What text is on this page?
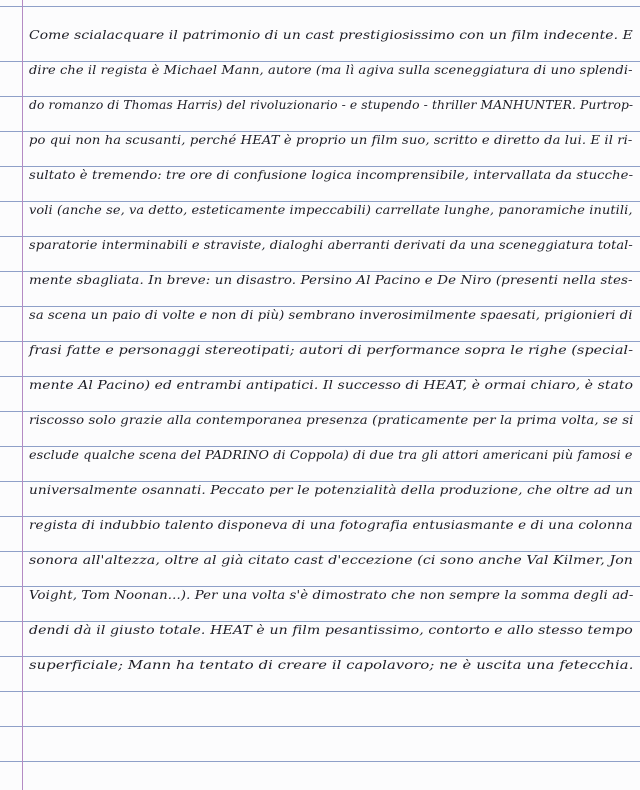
Come scialacquare il patrimonio di un cast prestigiosissimo con un film indecente. E
dire che il regista è Michael Mann, autore (ma lì agiva sulla sceneggiatura di uno splendi-
do romanzo di Thomas Harris) del rivoluzionario - e stupendo - thriller MANHUNTER. Purtrop-
po qui non ha scusanti, perché HEAT è proprio un film suo, scritto e diretto da lui. E il ri-
sultato è tremendo: tre ore di confusione logica incomprensibile, intervallata da stucche-
voli (anche se, va detto, esteticamente impeccabili) carrellate lunghe, panoramiche inutili,
sparatorie interminabili e straviste, dialoghi aberranti derivati da una sceneggiatura total-
mente sbagliata. In breve: un disastro. Persino Al Pacino e De Niro (presenti nella stes-
sa scena un paio di volte e non di più) sembrano inverosimilmente spaesati, prigionieri di
frasi fatte e personaggi stereotipati; autori di performance sopra le righe (special-
mente Al Pacino) ed entrambi antipatici. Il successo di HEAT, è ormai chiaro, è stato
riscosso solo grazie alla contemporanea presenza (praticamente per la prima volta, se si
esclude qualche scena del PADRINO di Coppola) di due tra gli attori americani più famosi e
universalmente osannati. Peccato per le potenzialità della produzione, che oltre ad un
regista di indubbio talento disponeva di una fotografia entusiasmante e di una colonna
sonora all'altezza, oltre al già citato cast d'eccezione (ci sono anche Val Kilmer, Jon
Voight, Tom Noonan...). Per una volta s'è dimostrato che non sempre la somma degli ad-
dendi dà il giusto totale. HEAT è un film pesantissimo, contorto e allo stesso tempo
superficiale; Mann ha tentato di creare il capolavoro; ne è uscita una fetecchia.
